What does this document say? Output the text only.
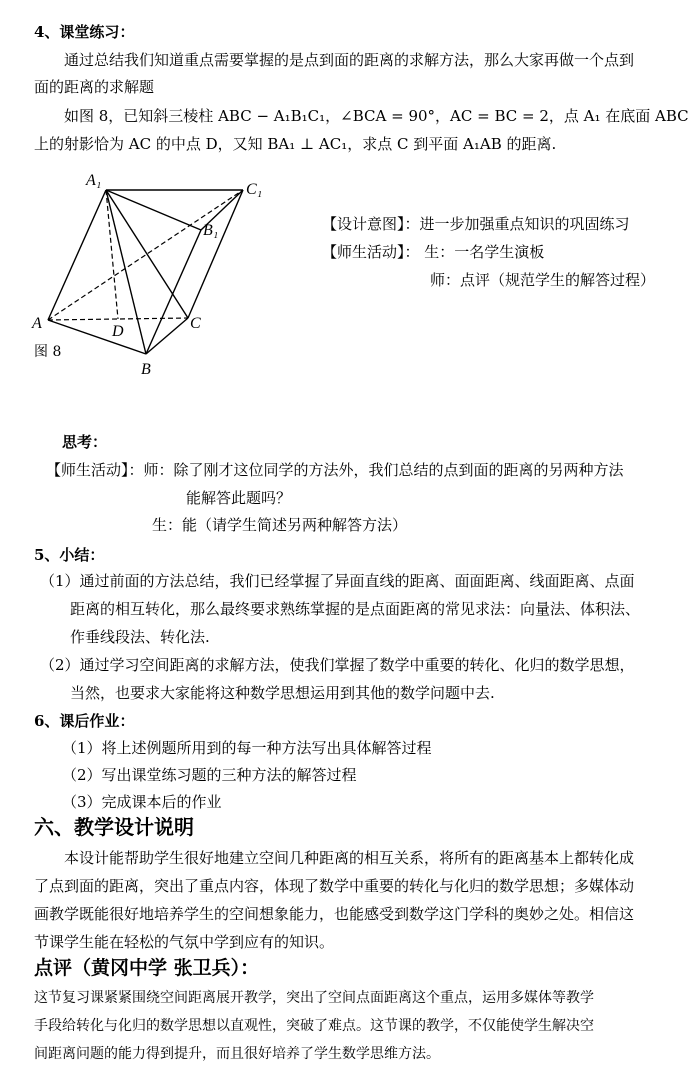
4、课堂练习：
通过总结我们知道重点需要掌握的是点到面的距离的求解方法，那么大家再做一个点到
面的距离的求解题
如图 8，已知斜三棱柱 ABC − A₁B₁C₁，∠BCA = 90°，AC = BC = 2，点 A₁ 在底面 ABC
上的射影恰为 AC 的中点 D，又知 BA₁ ⊥ AC₁，求点 C 到平面 A₁AB 的距离.
A₁
C₁
B₁
A	D	C
B
图 8
【设计意图】：进一步加强重点知识的巩固练习
【师生活动】： 生：一名学生演板
师：点评（规范学生的解答过程）
思考：
【师生活动】：师：除了刚才这位同学的方法外，我们总结的点到面的距离的另两种方法
能解答此题吗？
生：能（请学生简述另两种解答方法）
5、小结：
（1）通过前面的方法总结，我们已经掌握了异面直线的距离、面面距离、线面距离、点面
距离的相互转化，那么最终要求熟练掌握的是点面距离的常见求法：向量法、体积法、
作垂线段法、转化法.
（2）通过学习空间距离的求解方法，使我们掌握了数学中重要的转化、化归的数学思想，
当然，也要求大家能将这种数学思想运用到其他的数学问题中去.
6、课后作业：
（1）将上述例题所用到的每一种方法写出具体解答过程
（2）写出课堂练习题的三种方法的解答过程
（3）完成课本后的作业
六、教学设计说明
本设计能帮助学生很好地建立空间几种距离的相互关系，将所有的距离基本上都转化成
了点到面的距离，突出了重点内容，体现了数学中重要的转化与化归的数学思想；多媒体动
画教学既能很好地培养学生的空间想象能力，也能感受到数学这门学科的奥妙之处。相信这
节课学生能在轻松的气氛中学到应有的知识。
点评（黄冈中学 张卫兵）：
这节复习课紧紧围绕空间距离展开教学，突出了空间点面距离这个重点，运用多媒体等教学
手段给转化与化归的数学思想以直观性，突破了难点。这节课的教学，不仅能使学生解决空
间距离问题的能力得到提升，而且很好培养了学生数学思维方法。
